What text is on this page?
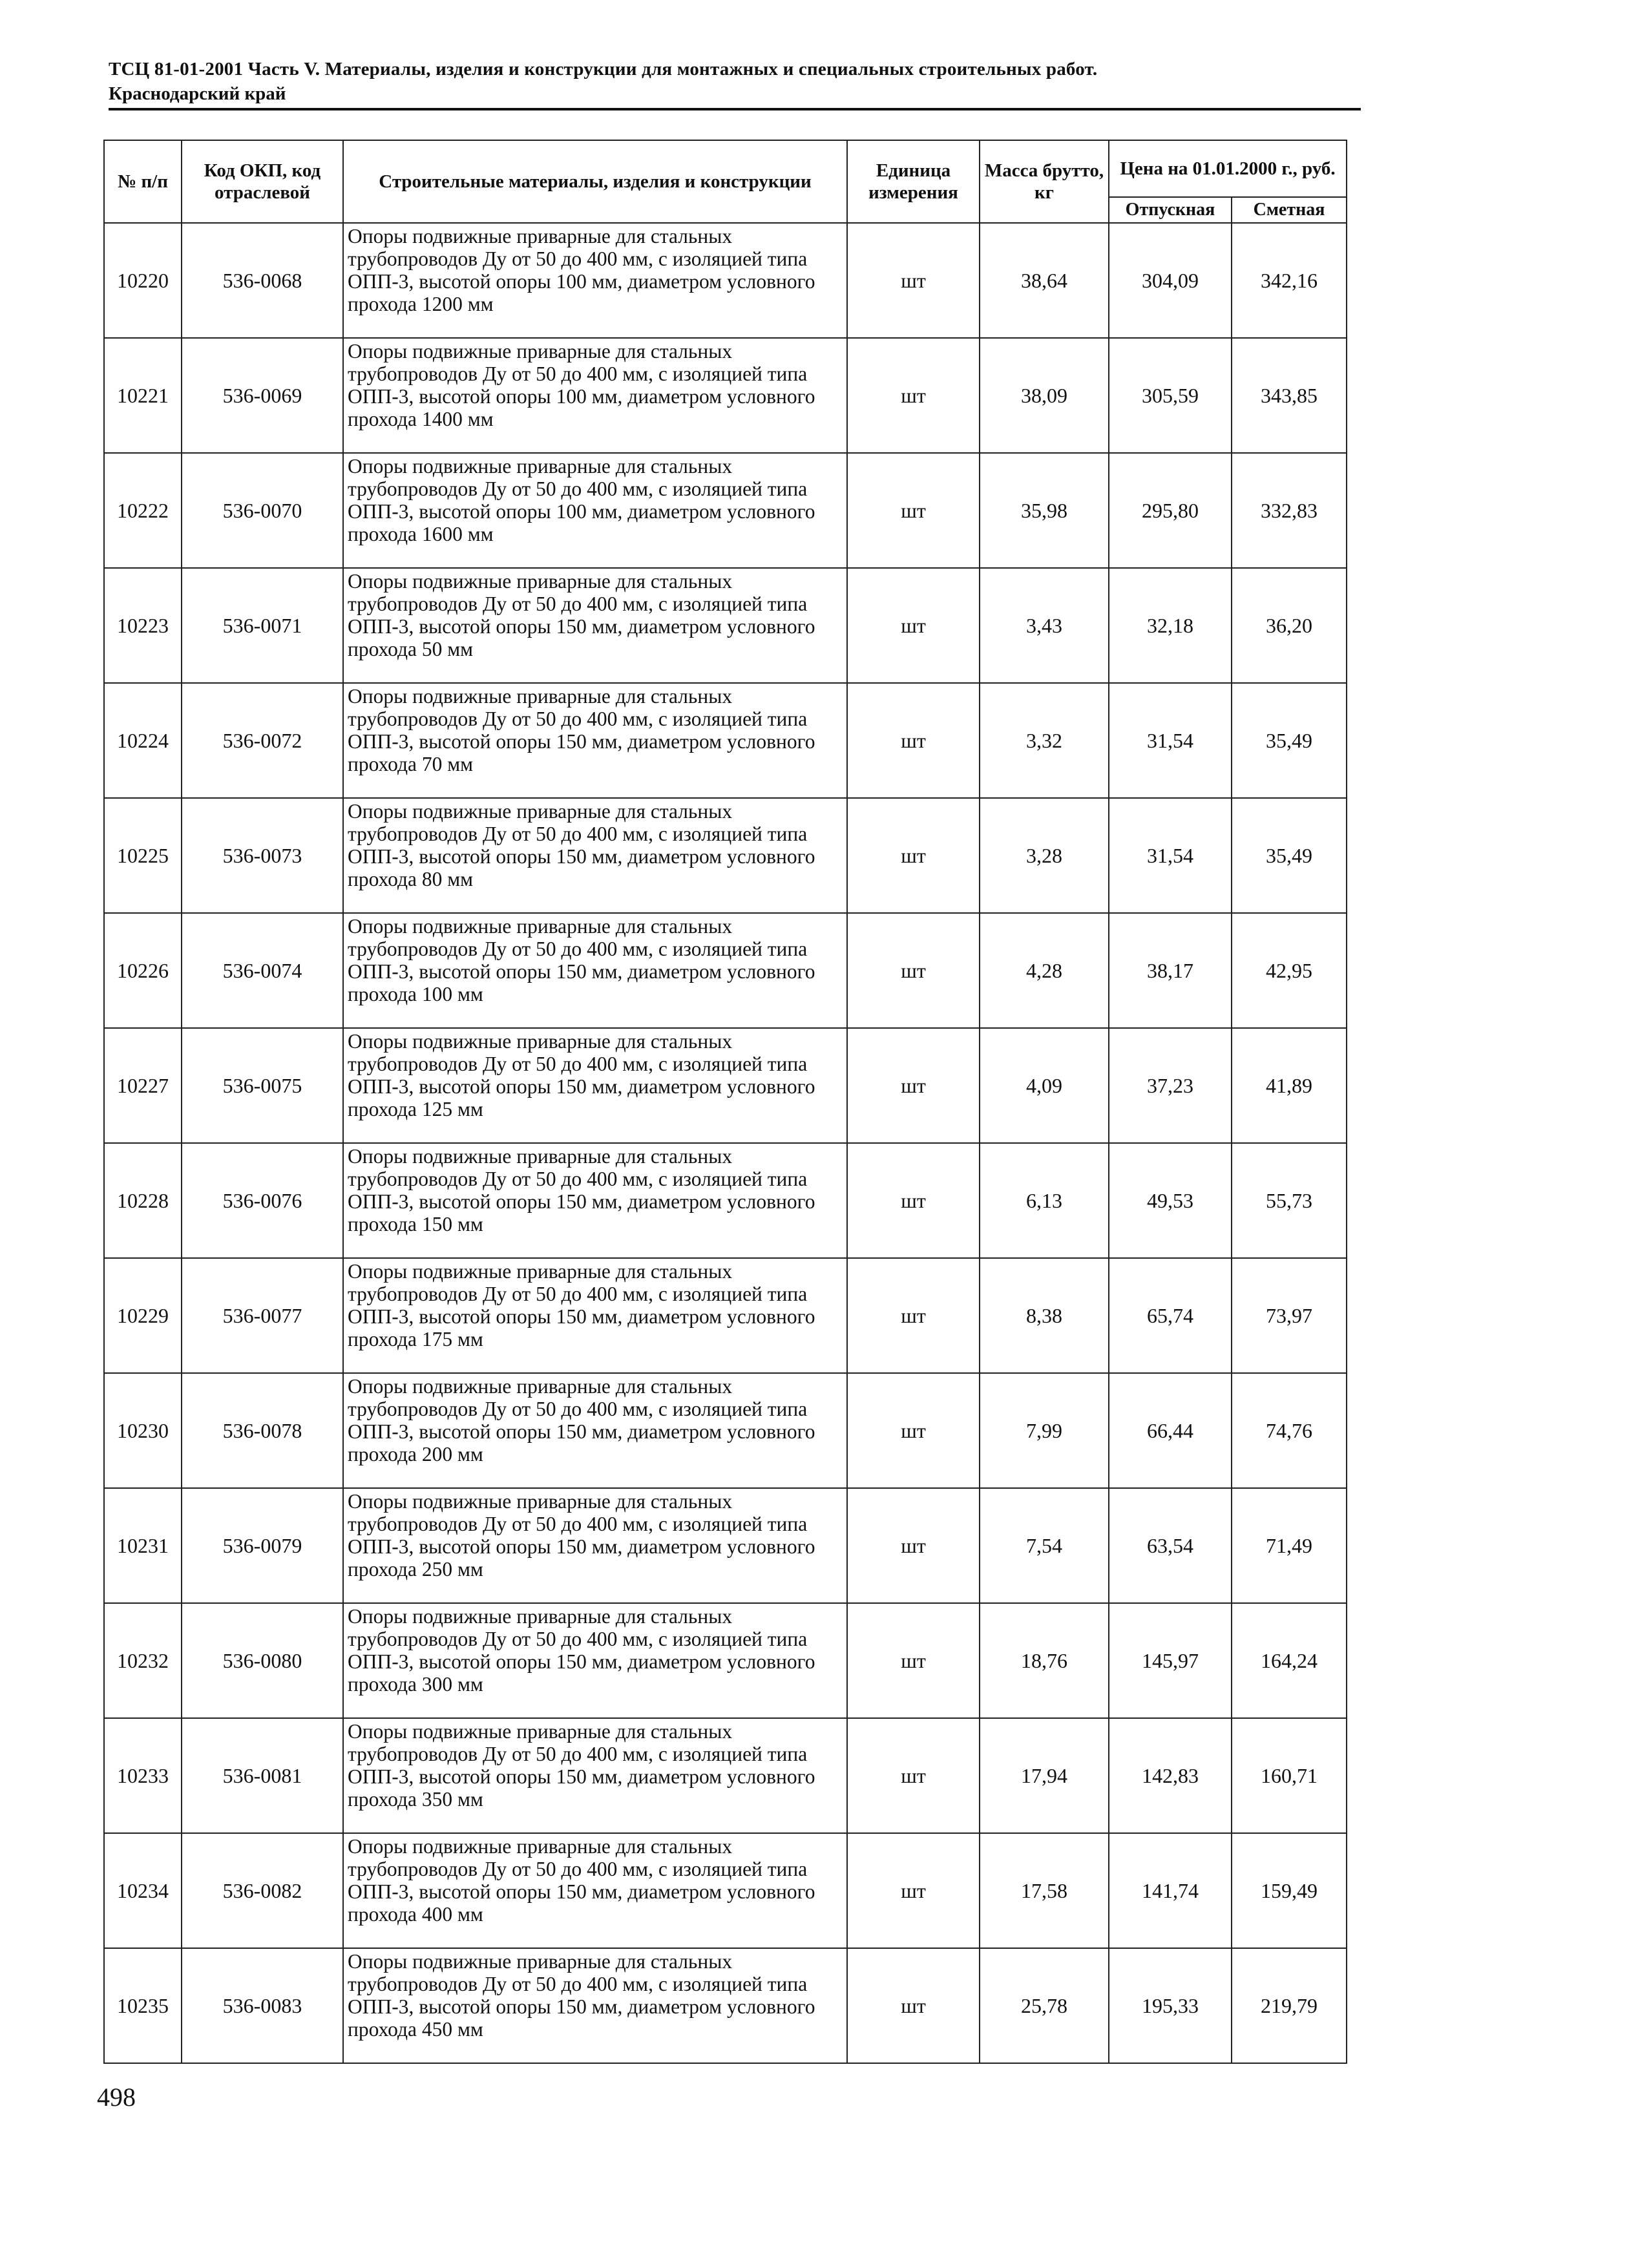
ТСЦ 81-01-2001 Часть V. Материалы, изделия и конструкции для монтажных и специальных строительных работ.
Краснодарский край
№ п/п	Код ОКП, код отраслевой	Строительные материалы, изделия и конструкции	Единица измерения	Масса брутто, кг	Цена на 01.01.2000 г., руб.	
					Отпускная	Сметная
10220	536-0068	Опоры подвижные приварные для стальных трубопроводов Ду от 50 до 400 мм, с изоляцией типа ОПП-3, высотой опоры 100 мм, диаметром условного прохода 1200 мм	шт	38,64	304,09	342,16
10221	536-0069	Опоры подвижные приварные для стальных трубопроводов Ду от 50 до 400 мм, с изоляцией типа ОПП-3, высотой опоры 100 мм, диаметром условного прохода 1400 мм	шт	38,09	305,59	343,85
10222	536-0070	Опоры подвижные приварные для стальных трубопроводов Ду от 50 до 400 мм, с изоляцией типа ОПП-3, высотой опоры 100 мм, диаметром условного прохода 1600 мм	шт	35,98	295,80	332,83
10223	536-0071	Опоры подвижные приварные для стальных трубопроводов Ду от 50 до 400 мм, с изоляцией типа ОПП-3, высотой опоры 150 мм, диаметром условного прохода 50 мм	шт	3,43	32,18	36,20
10224	536-0072	Опоры подвижные приварные для стальных трубопроводов Ду от 50 до 400 мм, с изоляцией типа ОПП-3, высотой опоры 150 мм, диаметром условного прохода 70 мм	шт	3,32	31,54	35,49
10225	536-0073	Опоры подвижные приварные для стальных трубопроводов Ду от 50 до 400 мм, с изоляцией типа ОПП-3, высотой опоры 150 мм, диаметром условного прохода 80 мм	шт	3,28	31,54	35,49
10226	536-0074	Опоры подвижные приварные для стальных трубопроводов Ду от 50 до 400 мм, с изоляцией типа ОПП-3, высотой опоры 150 мм, диаметром условного прохода 100 мм	шт	4,28	38,17	42,95
10227	536-0075	Опоры подвижные приварные для стальных трубопроводов Ду от 50 до 400 мм, с изоляцией типа ОПП-3, высотой опоры 150 мм, диаметром условного прохода 125 мм	шт	4,09	37,23	41,89
10228	536-0076	Опоры подвижные приварные для стальных трубопроводов Ду от 50 до 400 мм, с изоляцией типа ОПП-3, высотой опоры 150 мм, диаметром условного прохода 150 мм	шт	6,13	49,53	55,73
10229	536-0077	Опоры подвижные приварные для стальных трубопроводов Ду от 50 до 400 мм, с изоляцией типа ОПП-3, высотой опоры 150 мм, диаметром условного прохода 175 мм	шт	8,38	65,74	73,97
10230	536-0078	Опоры подвижные приварные для стальных трубопроводов Ду от 50 до 400 мм, с изоляцией типа ОПП-3, высотой опоры 150 мм, диаметром условного прохода 200 мм	шт	7,99	66,44	74,76
10231	536-0079	Опоры подвижные приварные для стальных трубопроводов Ду от 50 до 400 мм, с изоляцией типа ОПП-3, высотой опоры 150 мм, диаметром условного прохода 250 мм	шт	7,54	63,54	71,49
10232	536-0080	Опоры подвижные приварные для стальных трубопроводов Ду от 50 до 400 мм, с изоляцией типа ОПП-3, высотой опоры 150 мм, диаметром условного прохода 300 мм	шт	18,76	145,97	164,24
10233	536-0081	Опоры подвижные приварные для стальных трубопроводов Ду от 50 до 400 мм, с изоляцией типа ОПП-3, высотой опоры 150 мм, диаметром условного прохода 350 мм	шт	17,94	142,83	160,71
10234	536-0082	Опоры подвижные приварные для стальных трубопроводов Ду от 50 до 400 мм, с изоляцией типа ОПП-3, высотой опоры 150 мм, диаметром условного прохода 400 мм	шт	17,58	141,74	159,49
10235	536-0083	Опоры подвижные приварные для стальных трубопроводов Ду от 50 до 400 мм, с изоляцией типа ОПП-3, высотой опоры 150 мм, диаметром условного прохода 450 мм	шт	25,78	195,33	219,79
498
